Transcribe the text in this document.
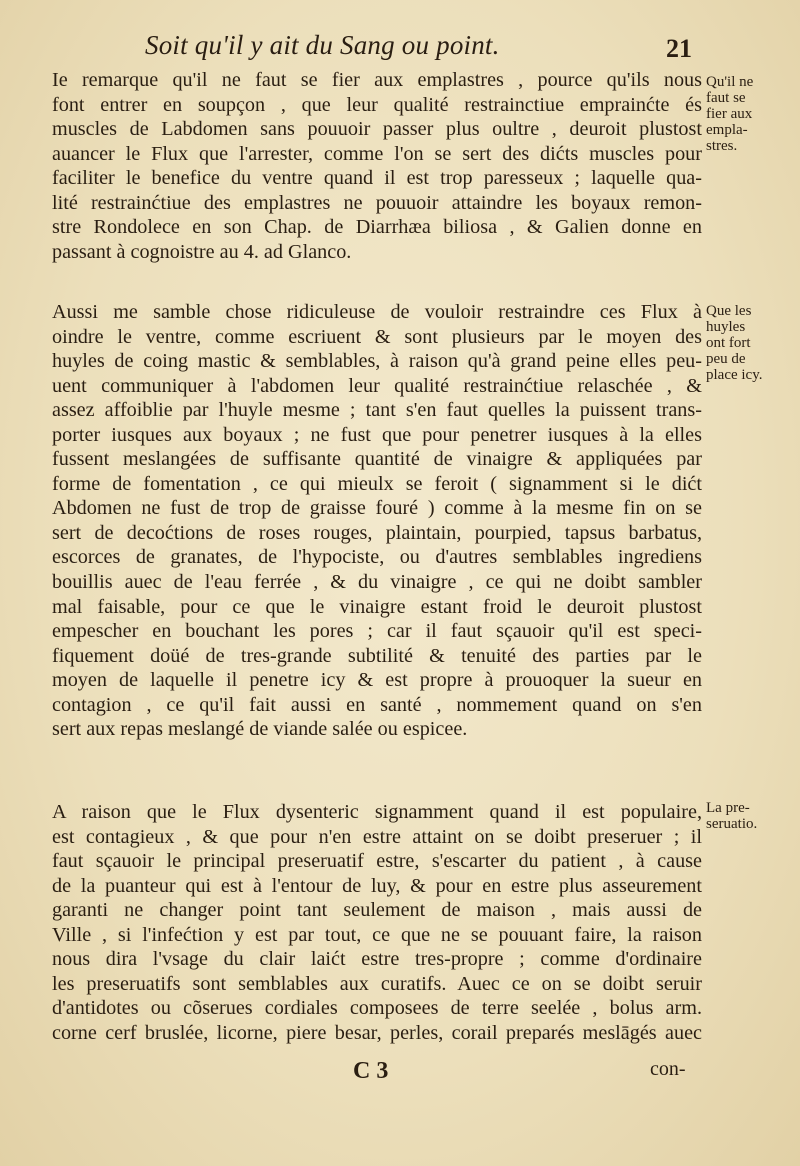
Soit qu'il y ait du Sang ou point.	21
Ie remarque qu'il ne faut se fier aux emplastres , pource qu'ils nous
font entrer en soupçon , que leur qualité restrainctiue emprainćte és
muscles de Labdomen sans pouuoir passer plus oultre , deuroit plustost
auancer le Flux que l'arrester, comme l'on se sert des dićts muscles pour
faciliter le benefice du ventre quand il est trop paresseux ; laquelle qua-
lité restrainćtiue des emplastres ne pouuoir attaindre les boyaux remon-
stre Rondolece en son Chap. de Diarrhæa biliosa , & Galien donne en
passant à cognoistre au 4. ad Glanco.
Aussi me samble chose ridiculeuse de vouloir restraindre ces Flux à
oindre le ventre, comme escriuent & sont plusieurs par le moyen des
huyles de coing mastic & semblables, à raison qu'à grand peine elles peu-
uent communiquer à l'abdomen leur qualité restrainćtiue relaschée , &
assez affoiblie par l'huyle mesme ; tant s'en faut quelles la puissent trans-
porter iusques aux boyaux ; ne fust que pour penetrer iusques à la elles
fussent meslangées de suffisante quantité de vinaigre & appliquées par
forme de fomentation , ce qui mieulx se feroit ( signamment si le dićt
Abdomen ne fust de trop de graisse fouré ) comme à la mesme fin on se
sert de decoćtions de roses rouges, plaintain, pourpied, tapsus barbatus,
escorces de granates, de l'hypociste, ou d'autres semblables ingrediens
bouillis auec de l'eau ferrée , & du vinaigre , ce qui ne doibt sambler
mal faisable, pour ce que le vinaigre estant froid le deuroit plustost
empescher en bouchant les pores ; car il faut sçauoir qu'il est speci-
fiquement doüé de tres-grande subtilité & tenuité des parties par le
moyen de laquelle il penetre icy & est propre à prouoquer la sueur en
contagion , ce qu'il fait aussi en santé , nommement quand on s'en
sert aux repas meslangé de viande salée ou espicee.
A raison que le Flux dysenteric signamment quand il est populaire,
est contagieux , & que pour n'en estre attaint on se doibt preseruer ; il
faut sçauoir le principal preseruatif estre, s'escarter du patient , à cause
de la puanteur qui est à l'entour de luy, & pour en estre plus asseurement
garanti ne changer point tant seulement de maison , mais aussi de
Ville , si l'infećtion y est par tout, ce que ne se pouuant faire, la raison
nous dira l'vsage du clair laićt estre tres-propre ; comme d'ordinaire
les preseruatifs sont semblables aux curatifs. Auec ce on se doibt seruir
d'antidotes ou cõserues cordiales composees de terre seelée , bolus arm.
corne cerf bruslée, licorne, piere besar, perles, corail preparés meslāgés auec
Qu'il ne
faut se
fier aux
empla-
stres.
Que les
huyles
ont fort
peu de
place icy.
La pre-
seruatio.
C 3	con-
